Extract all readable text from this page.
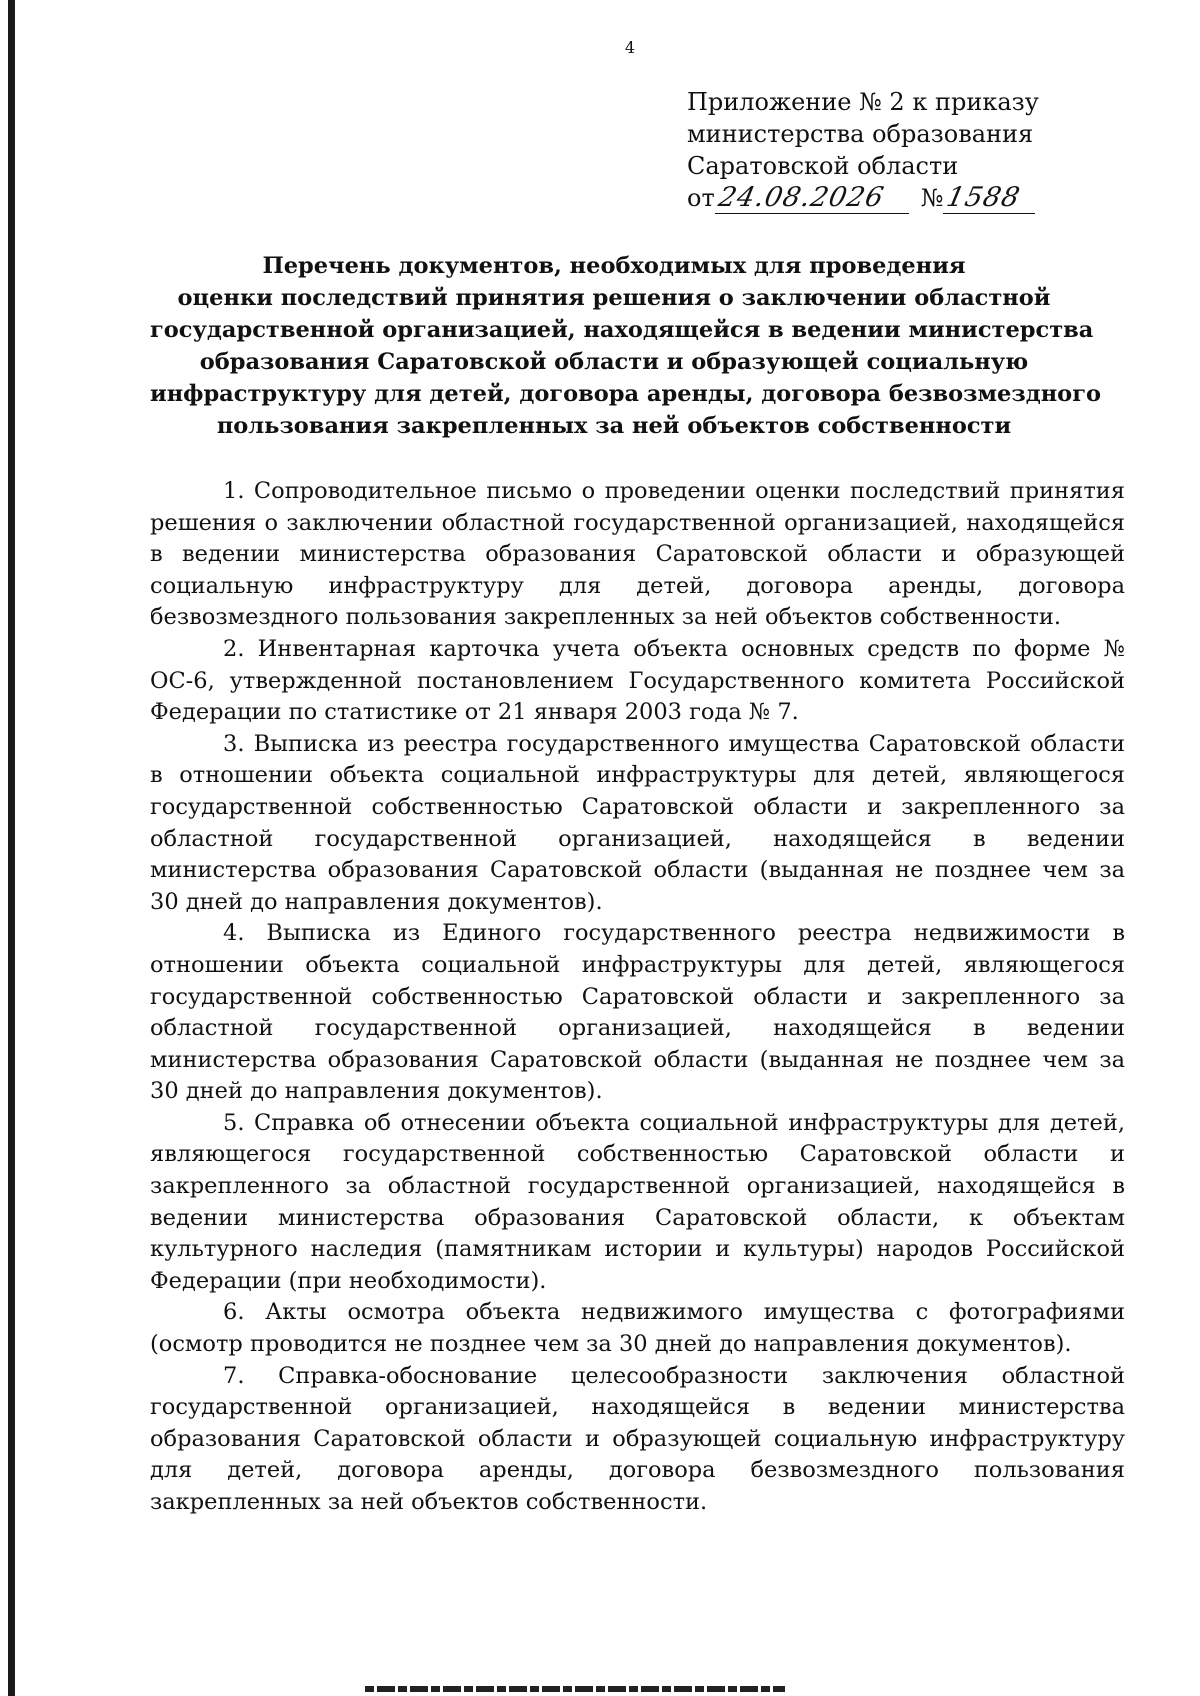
4
Приложение № 2 к приказу
министерства образования
Саратовской области
от 24.08.2026	№ 1588
Перечень документов, необходимых для проведения
оценки последствий принятия решения о заключении областной
государственной организацией, находящейся в ведении министерства
образования Саратовской области и образующей социальную
инфраструктуру для детей, договора аренды, договора безвозмездного
пользования закрепленных за ней объектов собственности

1. Сопроводительное письмо о проведении оценки последствий принятия решения о заключении областной государственной организацией, находящейся в ведении министерства образования Саратовской области и образующей социальную инфраструктуру для детей, договора аренды, договора безвозмездного пользования закрепленных за ней объектов собственности.

2. Инвентарная карточка учета объекта основных средств по форме № ОС-6, утвержденной постановлением Государственного комитета Российской Федерации по статистике от 21 января 2003 года № 7.

3. Выписка из реестра государственного имущества Саратовской области в отношении объекта социальной инфраструктуры для детей, являющегося государственной собственностью Саратовской области и закрепленного за областной государственной организацией, находящейся в ведении министерства образования Саратовской области (выданная не позднее чем за 30 дней до направления документов).

4. Выписка из Единого государственного реестра недвижимости в отношении объекта социальной инфраструктуры для детей, являющегося государственной собственностью Саратовской области и закрепленного за областной государственной организацией, находящейся в ведении министерства образования Саратовской области (выданная не позднее чем за 30 дней до направления документов).

5. Справка об отнесении объекта социальной инфраструктуры для детей, являющегося государственной собственностью Саратовской области и закрепленного за областной государственной организацией, находящейся в ведении министерства образования Саратовской области, к объектам культурного наследия (памятникам истории и культуры) народов Российской Федерации (при необходимости).

6. Акты осмотра объекта недвижимого имущества с фотографиями (осмотр проводится не позднее чем за 30 дней до направления документов).

7. Справка-обоснование целесообразности заключения областной государственной организацией, находящейся в ведении министерства образования Саратовской области и образующей социальную инфраструктуру для детей, договора аренды, договора безвозмездного пользования закрепленных за ней объектов собственности.
